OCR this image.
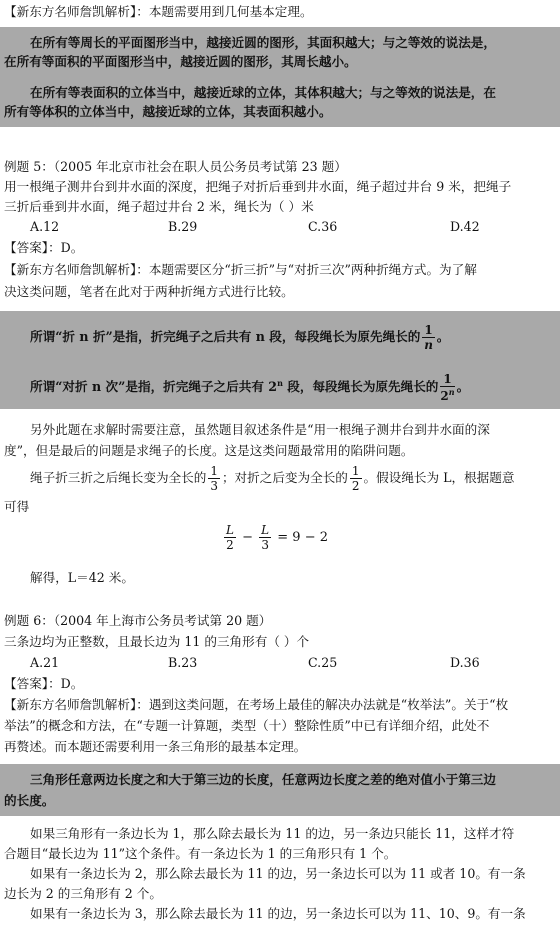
【新东方名师詹凯解析】：本题需要用到几何基本定理。
在所有等周长的平面图形当中，越接近圆的图形，其面积越大；与之等效的说法是，
在所有等面积的平面图形当中，越接近圆的图形，其周长越小。
在所有等表面积的立体当中，越接近球的立体，其体积越大；与之等效的说法是，在
所有等体积的立体当中，越接近球的立体，其表面积越小。
例题 5：（2005 年北京市社会在职人员公务员考试第 23 题）
用一根绳子测井台到井水面的深度，把绳子对折后垂到井水面，绳子超过井台 9 米，把绳子
三折后垂到井水面，绳子超过井台 2 米，绳长为（ ）米
A.12	B.29	C.36	D.42
【答案】：D。
【新东方名师詹凯解析】：本题需要区分“折三折”与“对折三次”两种折绳方式。为了解
决这类问题，笔者在此对于两种折绳方式进行比较。
所谓“折 n 折”是指，折完绳子之后共有 n 段，每段绳长为原先绳长的 $\frac{1}{n}$ 。
所谓“对折 n 次”是指，折完绳子之后共有 2$^n$ 段，每段绳长为原先绳长的 $\frac{1}{2^n}$ 。
另外此题在求解时需要注意，虽然题目叙述条件是“用一根绳子测井台到井水面的深
度”，但是最后的问题是求绳子的长度。这是这类问题最常用的陷阱问题。
绳子折三折之后绳长变为全长的 $\frac{1}{3}$ ；对折之后变为全长的 $\frac{1}{2}$ 。假设绳长为 L，根据题意
可得
$\frac{L}{2} - \frac{L}{3} = 9 - 2$
解得，L＝42 米。
例题 6：（2004 年上海市公务员考试第 20 题）
三条边均为正整数，且最长边为 11 的三角形有（ ）个
A.21	B.23	C.25	D.36
【答案】：D。
【新东方名师詹凯解析】：遇到这类问题，在考场上最佳的解决办法就是“枚举法”。关于“枚
举法”的概念和方法，在“专题一计算题，类型（十）整除性质”中已有详细介绍，此处不
再赘述。而本题还需要利用一条三角形的最基本定理。
三角形任意两边长度之和大于第三边的长度，任意两边长度之差的绝对值小于第三边
的长度。
如果三角形有一条边长为 1，那么除去最长为 11 的边，另一条边只能长 11，这样才符
合题目“最长边为 11”这个条件。有一条边长为 1 的三角形只有 1 个。
如果有一条边长为 2，那么除去最长为 11 的边，另一条边长可以为 11 或者 10。有一条
边长为 2 的三角形有 2 个。
如果有一条边长为 3，那么除去最长为 11 的边，另一条边长可以为 11、10、9。有一条
